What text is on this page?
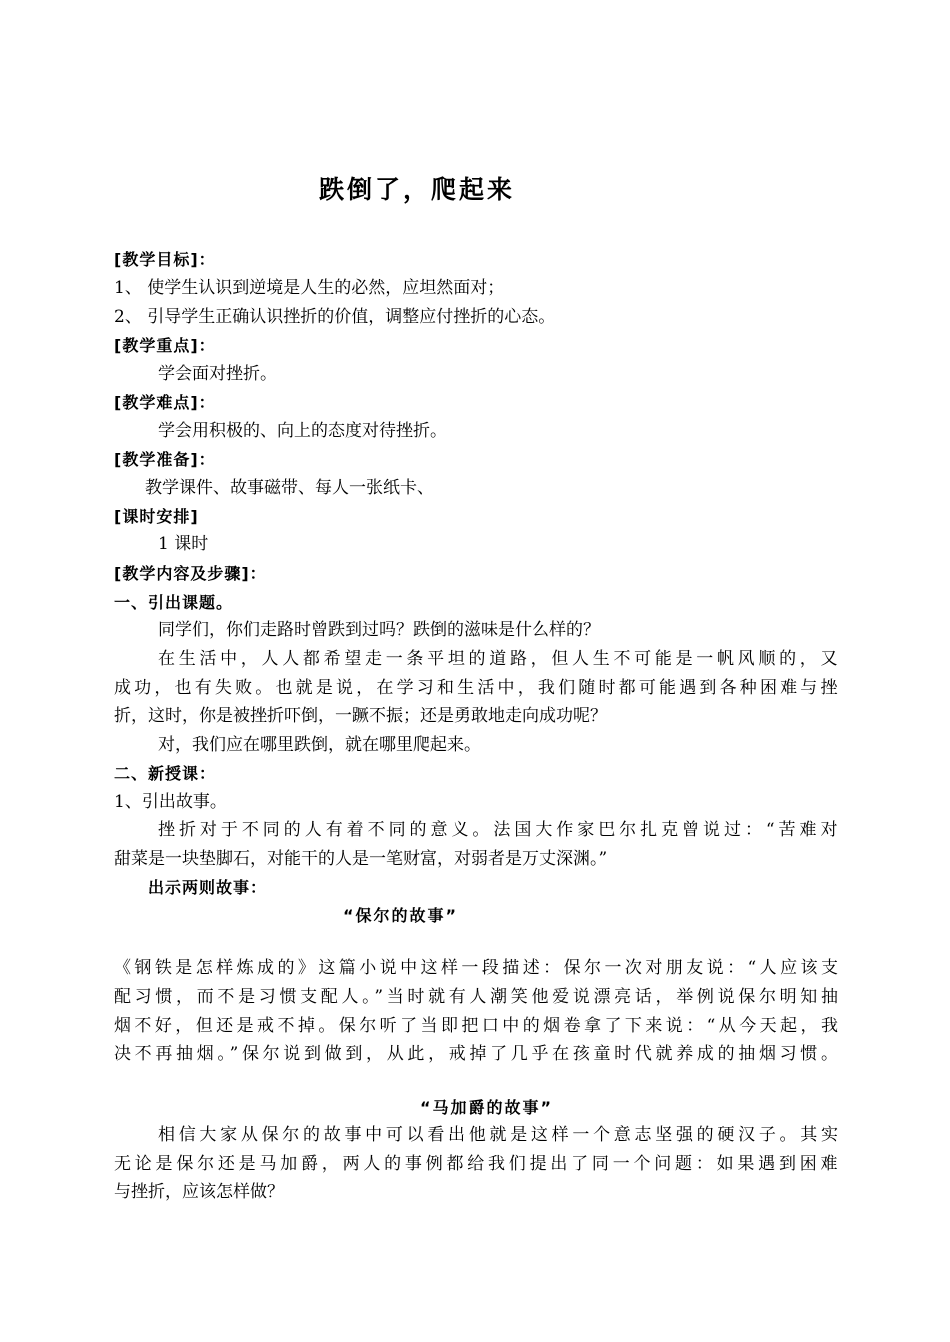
跌倒了，爬起来
[教学目标]：
1、 使学生认识到逆境是人生的必然，应坦然面对；
2、 引导学生正确认识挫折的价值，调整应付挫折的心态。
[教学重点]：
学会面对挫折。
[教学难点]：
学会用积极的、向上的态度对待挫折。
[教学准备]：
教学课件、故事磁带、每人一张纸卡、
[课时安排]
1 课时
[教学内容及步骤]：
一、引出课题。
同学们，你们走路时曾跌到过吗？跌倒的滋味是什么样的？
在生活中，人人都希望走一条平坦的道路，但人生不可能是一帆风顺的，又
成功，也有失败。也就是说，在学习和生活中，我们随时都可能遇到各种困难与挫
折，这时，你是被挫折吓倒，一蹶不振；还是勇敢地走向成功呢？
对，我们应在哪里跌倒，就在哪里爬起来。
二、新授课：
1、引出故事。
挫折对于不同的人有着不同的意义。法国大作家巴尔扎克曾说过：“苦难对
甜菜是一块垫脚石，对能干的人是一笔财富，对弱者是万丈深渊。”
出示两则故事：
“保尔的故事”
《钢铁是怎样炼成的》这篇小说中这样一段描述：保尔一次对朋友说：“人应该支
配习惯，而不是习惯支配人。”当时就有人潮笑他爱说漂亮话，举例说保尔明知抽
烟不好，但还是戒不掉。保尔听了当即把口中的烟卷拿了下来说：“从今天起，我
决不再抽烟。”保尔说到做到，从此，戒掉了几乎在孩童时代就养成的抽烟习惯。
“马加爵的故事”
相信大家从保尔的故事中可以看出他就是这样一个意志坚强的硬汉子。其实
无论是保尔还是马加爵，两人的事例都给我们提出了同一个问题：如果遇到困难
与挫折，应该怎样做？
